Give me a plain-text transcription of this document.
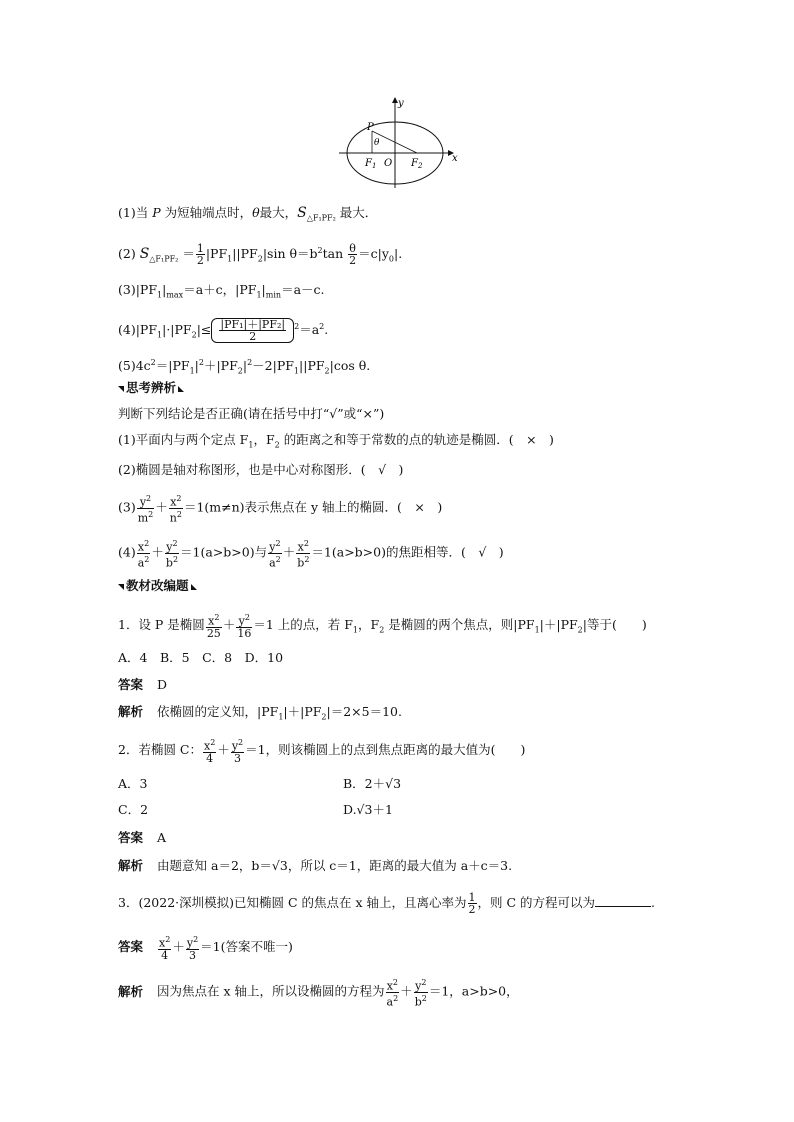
y
x
P
θ
$F_1$ O $F_2$
(1)当 P 为短轴端点时，θ最大，$S_{\triangle F_1PF_2}$ 最大．
(2) $S_{\triangle F_1PF_2} = \frac{1}{2} |PF_1||PF_2|\sin$ $\theta=b^2\tan \frac{\theta}{2} =c|y_0|$.
$(3)|PF_1|_{max}=a+c$，$|PF_1|_{min}=a-c$.
$(4)|PF_1|\cdot|PF_2|\le \frac{\text{|PF₁|＋|PF₂|}}{2} ^2=a^2$.
$(5)4c^2=|PF_1|^2+|PF_2|^2-2|PF_1||PF_2|\cos$ θ.
思考辨析
判断下列结论是否正确(请在括号中打“√”或“×”)
(1)平面内与两个定点 $F_1$，$F_2$ 的距离之和等于常数的点的轨迹是椭圆．(　×　)
(2)椭圆是轴对称图形，也是中心对称图形．(　√　)
$(3) \frac{y^2}{m^2} + \frac{x^2}{n^2} =1(m\ne n)$表示焦点在 y 轴上的椭圆．(　×　)
$(4) \frac{x^2}{a^2} + \frac{y^2}{b^2} =1(a>b>0)$与 $\frac{y^2}{a^2} + \frac{x^2}{b^2} =1(a>b>0)$的焦距相等．(　√　)
教材改编题
1．设 P 是椭圆 $\frac{x^2}{25} + \frac{y^2}{16} =1$ 上的点，若 $F_1$，$F_2$ 是椭圆的两个焦点，则$|PF_1|+|PF_2|$等于(　　)
A．4　B．5　C．8　D．10
答案 D
解析 依椭圆的定义知，$|PF_1|+|PF_2|=2\times 5=10$.
2．若椭圆 C： $\frac{x^2}{4} + \frac{y^2}{3} =1$，则该椭圆上的点到焦点距离的最大值为(　　)
A．3	B．2＋√3
C．2	D.√3＋1
答案 A
解析 由题意知 a＝2，b＝√3，所以 c＝1，距离的最大值为 a＋c＝3.
3．(2022·深圳模拟)已知椭圆 C 的焦点在 x 轴上，且离心率为 $\frac{1}{2}$ ，则 C 的方程可以为	.
答案 $\frac{x^2}{4} + \frac{y^2}{3} =1$(答案不唯一)
解析 因为焦点在 x 轴上，所以设椭圆的方程为 $\frac{x^2}{a^2} + \frac{y^2}{b^2} =1$，a>b>0，
